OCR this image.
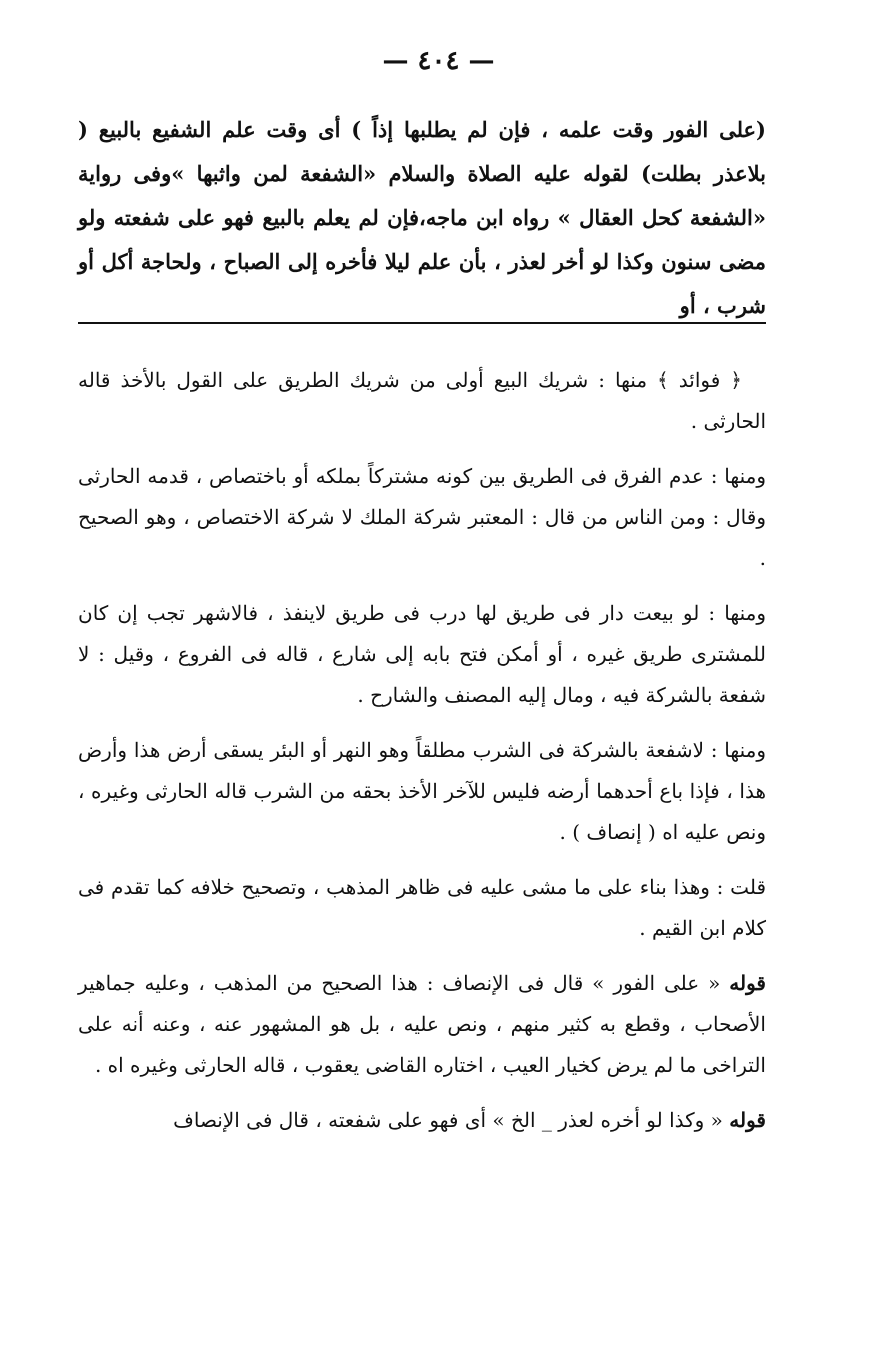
— ٤٠٤ —
(على الفور وقت علمه ، فإن لم يطلبها إذاً ) أى وقت علم الشفيع بالبيع ( بلاعذر بطلت) لقوله عليه الصلاة والسلام «الشفعة لمن واثبها »وفى رواية «الشفعة كحل العقال » رواه ابن ماجه،فإن لم يعلم بالبيع فهو على شفعته ولو مضى سنون وكذا لو أخر لعذر ، بأن علم ليلا فأخره إلى الصباح ، ولحاجة أكل أو شرب ، أو

﴿ فوائد ﴾ منها : شريك البيع أولى من شريك الطريق على القول بالأخذ قاله الحارثى .

ومنها : عدم الفرق فى الطريق بين كونه مشتركاً بملكه أو باختصاص ، قدمه الحارثى وقال : ومن الناس من قال : المعتبر شركة الملك لا شركة الاختصاص ، وهو الصحيح .

ومنها : لو بيعت دار فى طريق لها درب فى طريق لاينفذ ، فالاشهر تجب إن كان للمشترى طريق غيره ، أو أمكن فتح بابه إلى شارع ، قاله فى الفروع ، وقيل : لا شفعة بالشركة فيه ، ومال إليه المصنف والشارح .

ومنها : لاشفعة بالشركة فى الشرب مطلقاً وهو النهر أو البئر يسقى أرض هذا وأرض هذا ، فإذا باع أحدهما أرضه فليس للآخر الأخذ بحقه من الشرب قاله الحارثى وغيره ، ونص عليه اه ( إنصاف ) .

قلت : وهذا بناء على ما مشى عليه فى ظاهر المذهب ، وتصحيح خلافه كما تقدم فى كلام ابن القيم .

قوله « على الفور » قال فى الإنصاف : هذا الصحيح من المذهب ، وعليه جماهير الأصحاب ، وقطع به كثير منهم ، ونص عليه ، بل هو المشهور عنه ، وعنه أنه على التراخى ما لم يرض كخيار العيب ، اختاره القاضى يعقوب ، قاله الحارثى وغيره اه .

قوله « وكذا لو أخره لعذر _ الخ » أى فهو على شفعته ، قال فى الإنصاف
